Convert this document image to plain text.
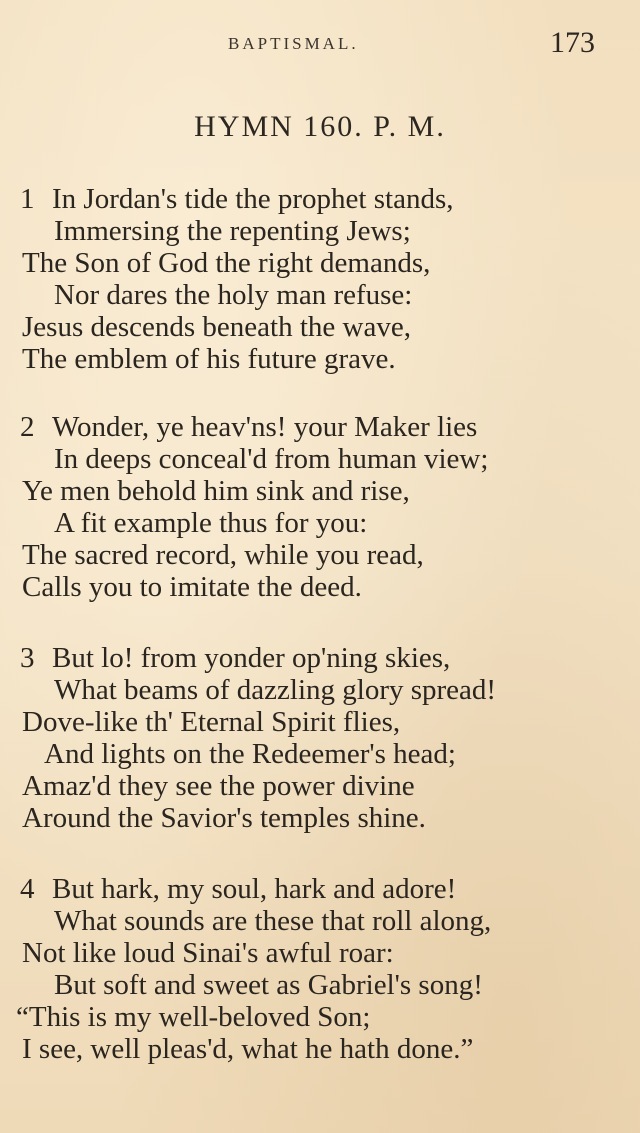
BAPTISMAL.	173
HYMN 160. P. M.
1 In Jordan's tide the prophet stands,
Immersing the repenting Jews;
The Son of God the right demands,
Nor dares the holy man refuse:
Jesus descends beneath the wave,
The emblem of his future grave.
2 Wonder, ye heav'ns! your Maker lies
In deeps conceal'd from human view;
Ye men behold him sink and rise,
A fit example thus for you:
The sacred record, while you read,
Calls you to imitate the deed.
3 But lo! from yonder op'ning skies,
What beams of dazzling glory spread!
Dove-like th' Eternal Spirit flies,
And lights on the Redeemer's head;
Amaz'd they see the power divine
Around the Savior's temples shine.
4 But hark, my soul, hark and adore!
What sounds are these that roll along,
Not like loud Sinai's awful roar:
But soft and sweet as Gabriel's song!
“This is my well-beloved Son;
I see, well pleas'd, what he hath done.”
